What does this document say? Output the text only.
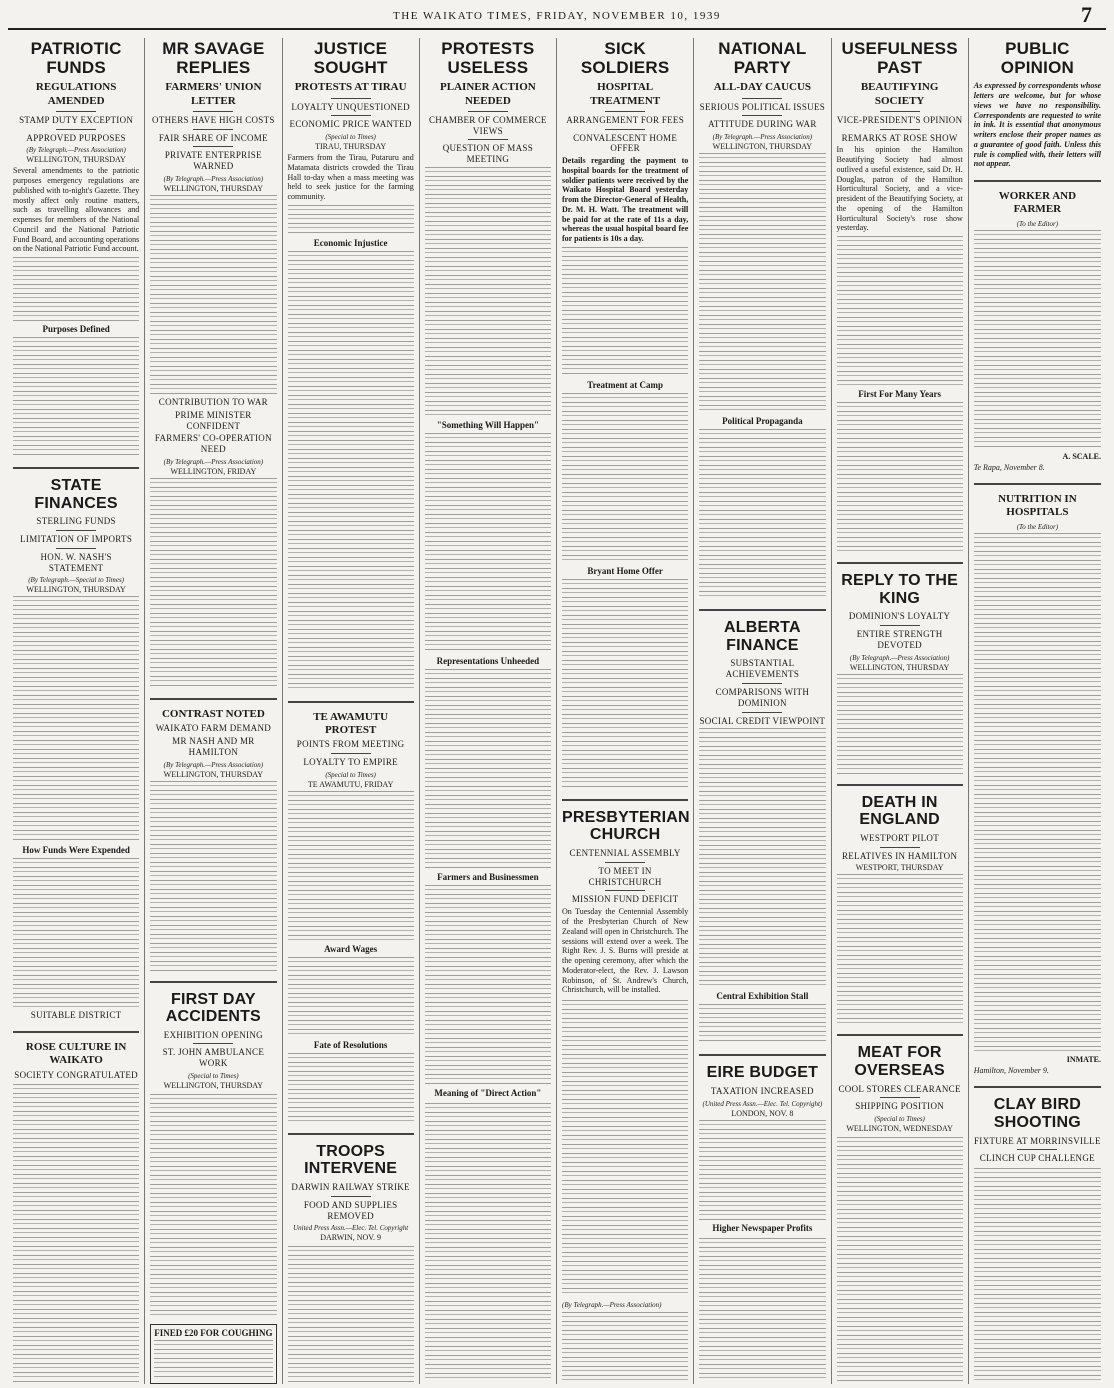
THE WAIKATO TIMES, FRIDAY, NOVEMBER 10, 1939	7
PATRIOTIC FUNDS
REGULATIONS AMENDED
STAMP DUTY EXCEPTION
APPROVED PURPOSES
(By Telegraph.—Press Association)
WELLINGTON, THURSDAY
Several amendments to the patriotic purposes emergency regulations are published with to-night's Gazette. They mostly affect only routine matters, such as travelling allowances and expenses for members of the National Council and the National Patriotic Fund Board, and accounting operations on the National Patriotic Fund account.
Purposes Defined
STATE FINANCES
STERLING FUNDS
LIMITATION OF IMPORTS
HON. W. NASH'S STATEMENT
(By Telegraph.—Special to Times)
WELLINGTON, THURSDAY
How Funds Were Expended
SUITABLE DISTRICT
ROSE CULTURE IN WAIKATO
SOCIETY CONGRATULATED
MR SAVAGE REPLIES
FARMERS' UNION LETTER
OTHERS HAVE HIGH COSTS
FAIR SHARE OF INCOME
PRIVATE ENTERPRISE WARNED
(By Telegraph.—Press Association)
WELLINGTON, THURSDAY
CONTRIBUTION TO WAR
PRIME MINISTER CONFIDENT
FARMERS' CO-OPERATION NEED
(By Telegraph.—Press Association)
WELLINGTON, FRIDAY
CONTRAST NOTED
WAIKATO FARM DEMAND
MR NASH AND MR HAMILTON
(By Telegraph.—Press Association)
WELLINGTON, THURSDAY
FIRST DAY ACCIDENTS
EXHIBITION OPENING
ST. JOHN AMBULANCE WORK
(Special to Times)
WELLINGTON, THURSDAY
FINED £20 FOR COUGHING
JUSTICE SOUGHT
PROTESTS AT TIRAU
LOYALTY UNQUESTIONED
ECONOMIC PRICE WANTED
(Special to Times)
TIRAU, THURSDAY
Farmers from the Tirau, Putaruru and Matamata districts crowded the Tirau Hall to-day when a mass meeting was held to seek justice for the farming community.
Economic Injustice
TE AWAMUTU PROTEST
POINTS FROM MEETING
LOYALTY TO EMPIRE
(Special to Times)
TE AWAMUTU, FRIDAY
Award Wages
Fate of Resolutions
TROOPS INTERVENE
DARWIN RAILWAY STRIKE
FOOD AND SUPPLIES REMOVED
United Press Assn.—Elec. Tel. Copyright
DARWIN, NOV. 9
PROTESTS USELESS
PLAINER ACTION NEEDED
CHAMBER OF COMMERCE VIEWS
QUESTION OF MASS MEETING
"Something Will Happen"
Representations Unheeded
Farmers and Businessmen
Meaning of "Direct Action"
SICK SOLDIERS
HOSPITAL TREATMENT
ARRANGEMENT FOR FEES
CONVALESCENT HOME OFFER
Details regarding the payment to hospital boards for the treatment of soldier patients were received by the Waikato Hospital Board yesterday from the Director-General of Health, Dr. M. H. Watt. The treatment will be paid for at the rate of 11s a day, whereas the usual hospital board fee for patients is 10s a day.
Treatment at Camp
Bryant Home Offer
PRESBYTERIAN CHURCH
CENTENNIAL ASSEMBLY
TO MEET IN CHRISTCHURCH
MISSION FUND DEFICIT
On Tuesday the Centennial Assembly of the Presbyterian Church of New Zealand will open in Christchurch. The sessions will extend over a week. The Right Rev. J. S. Burns will preside at the opening ceremony, after which the Moderator-elect, the Rev. J. Lawson Robinson, of St. Andrew's Church, Christchurch, will be installed.
(By Telegraph.—Press Association)
NATIONAL PARTY
ALL-DAY CAUCUS
SERIOUS POLITICAL ISSUES
ATTITUDE DURING WAR
(By Telegraph.—Press Association)
WELLINGTON, THURSDAY
Political Propaganda
ALBERTA FINANCE
SUBSTANTIAL ACHIEVEMENTS
COMPARISONS WITH DOMINION
SOCIAL CREDIT VIEWPOINT
Central Exhibition Stall
EIRE BUDGET
TAXATION INCREASED
(United Press Assn.—Elec. Tel. Copyright)
LONDON, NOV. 8
Higher Newspaper Profits
USEFULNESS PAST
BEAUTIFYING SOCIETY
VICE-PRESIDENT'S OPINION
REMARKS AT ROSE SHOW
In his opinion the Hamilton Beautifying Society had almost outlived a useful existence, said Dr. H. Douglas, patron of the Hamilton Horticultural Society, and a vice-president of the Beautifying Society, at the opening of the Hamilton Horticultural Society's rose show yesterday.
First For Many Years
REPLY TO THE KING
DOMINION'S LOYALTY
ENTIRE STRENGTH DEVOTED
(By Telegraph.—Press Association)
WELLINGTON, THURSDAY
DEATH IN ENGLAND
WESTPORT PILOT
RELATIVES IN HAMILTON
WESTPORT, THURSDAY
MEAT FOR OVERSEAS
COOL STORES CLEARANCE
SHIPPING POSITION
(Special to Times)
WELLINGTON, WEDNESDAY
PUBLIC OPINION
As expressed by correspondents whose letters are welcome, but for whose views we have no responsibility. Correspondents are requested to write in ink. It is essential that anonymous writers enclose their proper names as a guarantee of good faith. Unless this rule is complied with, their letters will not appear.
WORKER AND FARMER
(To the Editor)
A. SCALE.
Te Rapa, November 8.
NUTRITION IN HOSPITALS
(To the Editor)
INMATE.
Hamilton, November 9.
CLAY BIRD SHOOTING
FIXTURE AT MORRINSVILLE
CLINCH CUP CHALLENGE
